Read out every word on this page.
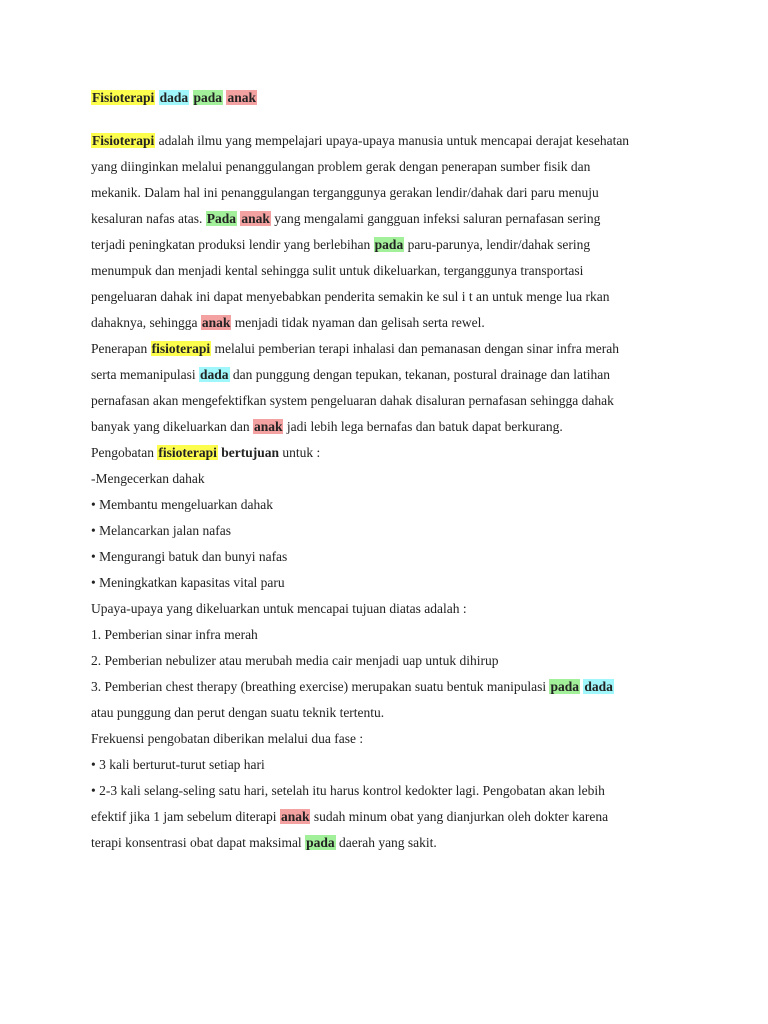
Fisioterapi dada pada anak
Fisioterapi adalah ilmu yang mempelajari upaya-upaya manusia untuk mencapai derajat kesehatan
yang diinginkan melalui penanggulangan problem gerak dengan penerapan sumber fisik dan
mekanik. Dalam hal ini penanggulangan terganggunya gerakan lendir/dahak dari paru menuju
kesaluran nafas atas. Pada anak yang mengalami gangguan infeksi saluran pernafasan sering
terjadi peningkatan produksi lendir yang berlebihan pada paru-parunya, lendir/dahak sering
menumpuk dan menjadi kental sehingga sulit untuk dikeluarkan, terganggunya transportasi
pengeluaran dahak ini dapat menyebabkan penderita semakin ke sul i t an untuk menge lua rkan
dahaknya, sehingga anak menjadi tidak nyaman dan gelisah serta rewel.
Penerapan fisioterapi melalui pemberian terapi inhalasi dan pemanasan dengan sinar infra merah
serta memanipulasi dada dan punggung dengan tepukan, tekanan, postural drainage dan latihan
pernafasan akan mengefektifkan system pengeluaran dahak disaluran pernafasan sehingga dahak
banyak yang dikeluarkan dan anak jadi lebih lega bernafas dan batuk dapat berkurang.
Pengobatan fisioterapi bertujuan untuk :
-Mengecerkan dahak
• Membantu mengeluarkan dahak
• Melancarkan jalan nafas
• Mengurangi batuk dan bunyi nafas
• Meningkatkan kapasitas vital paru
Upaya-upaya yang dikeluarkan untuk mencapai tujuan diatas adalah :
1. Pemberian sinar infra merah
2. Pemberian nebulizer atau merubah media cair menjadi uap untuk dihirup
3. Pemberian chest therapy (breathing exercise) merupakan suatu bentuk manipulasi pada dada
atau punggung dan perut dengan suatu teknik tertentu.
Frekuensi pengobatan diberikan melalui dua fase :
• 3 kali berturut-turut setiap hari
• 2-3 kali selang-seling satu hari, setelah itu harus kontrol kedokter lagi. Pengobatan akan lebih
efektif jika 1 jam sebelum diterapi anak sudah minum obat yang dianjurkan oleh dokter karena
terapi konsentrasi obat dapat maksimal pada daerah yang sakit.
